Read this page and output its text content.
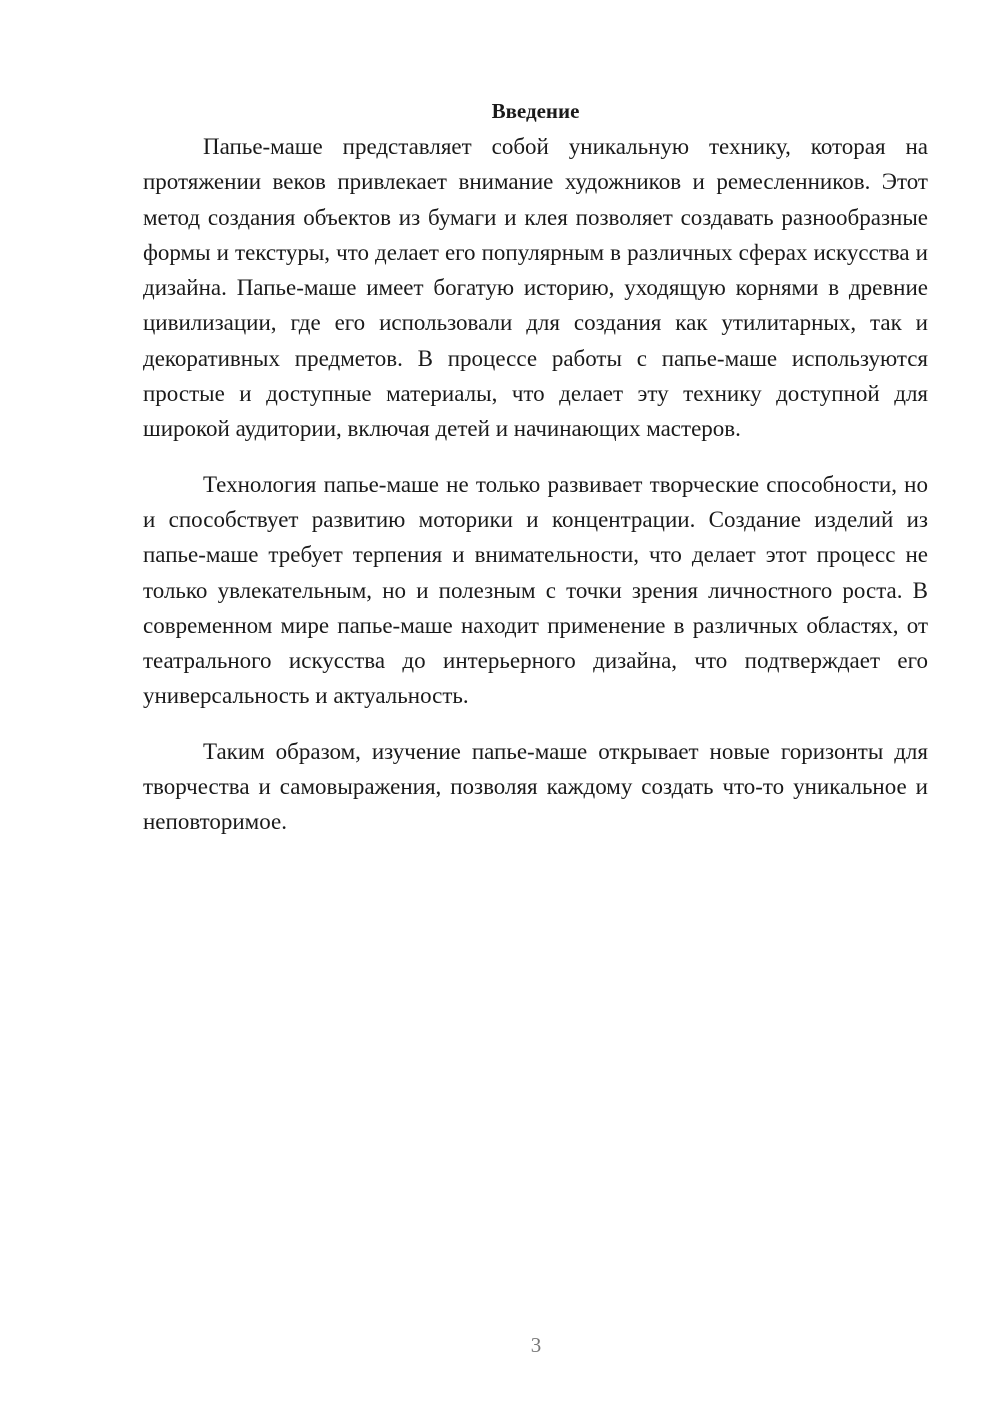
Введение

Папье-маше представляет собой уникальную технику, которая на протяжении веков привлекает внимание художников и ремесленников. Этот метод создания объектов из бумаги и клея позволяет создавать разнообразные формы и текстуры, что делает его популярным в различных сферах искусства и дизайна. Папье-маше имеет богатую историю, уходящую корнями в древние цивилизации, где его использовали для создания как утилитарных, так и декоративных предметов. В процессе работы с папье-маше используются простые и доступные материалы, что делает эту технику доступной для широкой аудитории, включая детей и начинающих мастеров.

Технология папье-маше не только развивает творческие способности, но и способствует развитию моторики и концентрации. Создание изделий из папье-маше требует терпения и внимательности, что делает этот процесс не только увлекательным, но и полезным с точки зрения личностного роста. В современном мире папье-маше находит применение в различных областях, от театрального искусства до интерьерного дизайна, что подтверждает его универсальность и актуальность.

Таким образом, изучение папье-маше открывает новые горизонты для творчества и самовыражения, позволяя каждому создать что-то уникальное и неповторимое.

3
